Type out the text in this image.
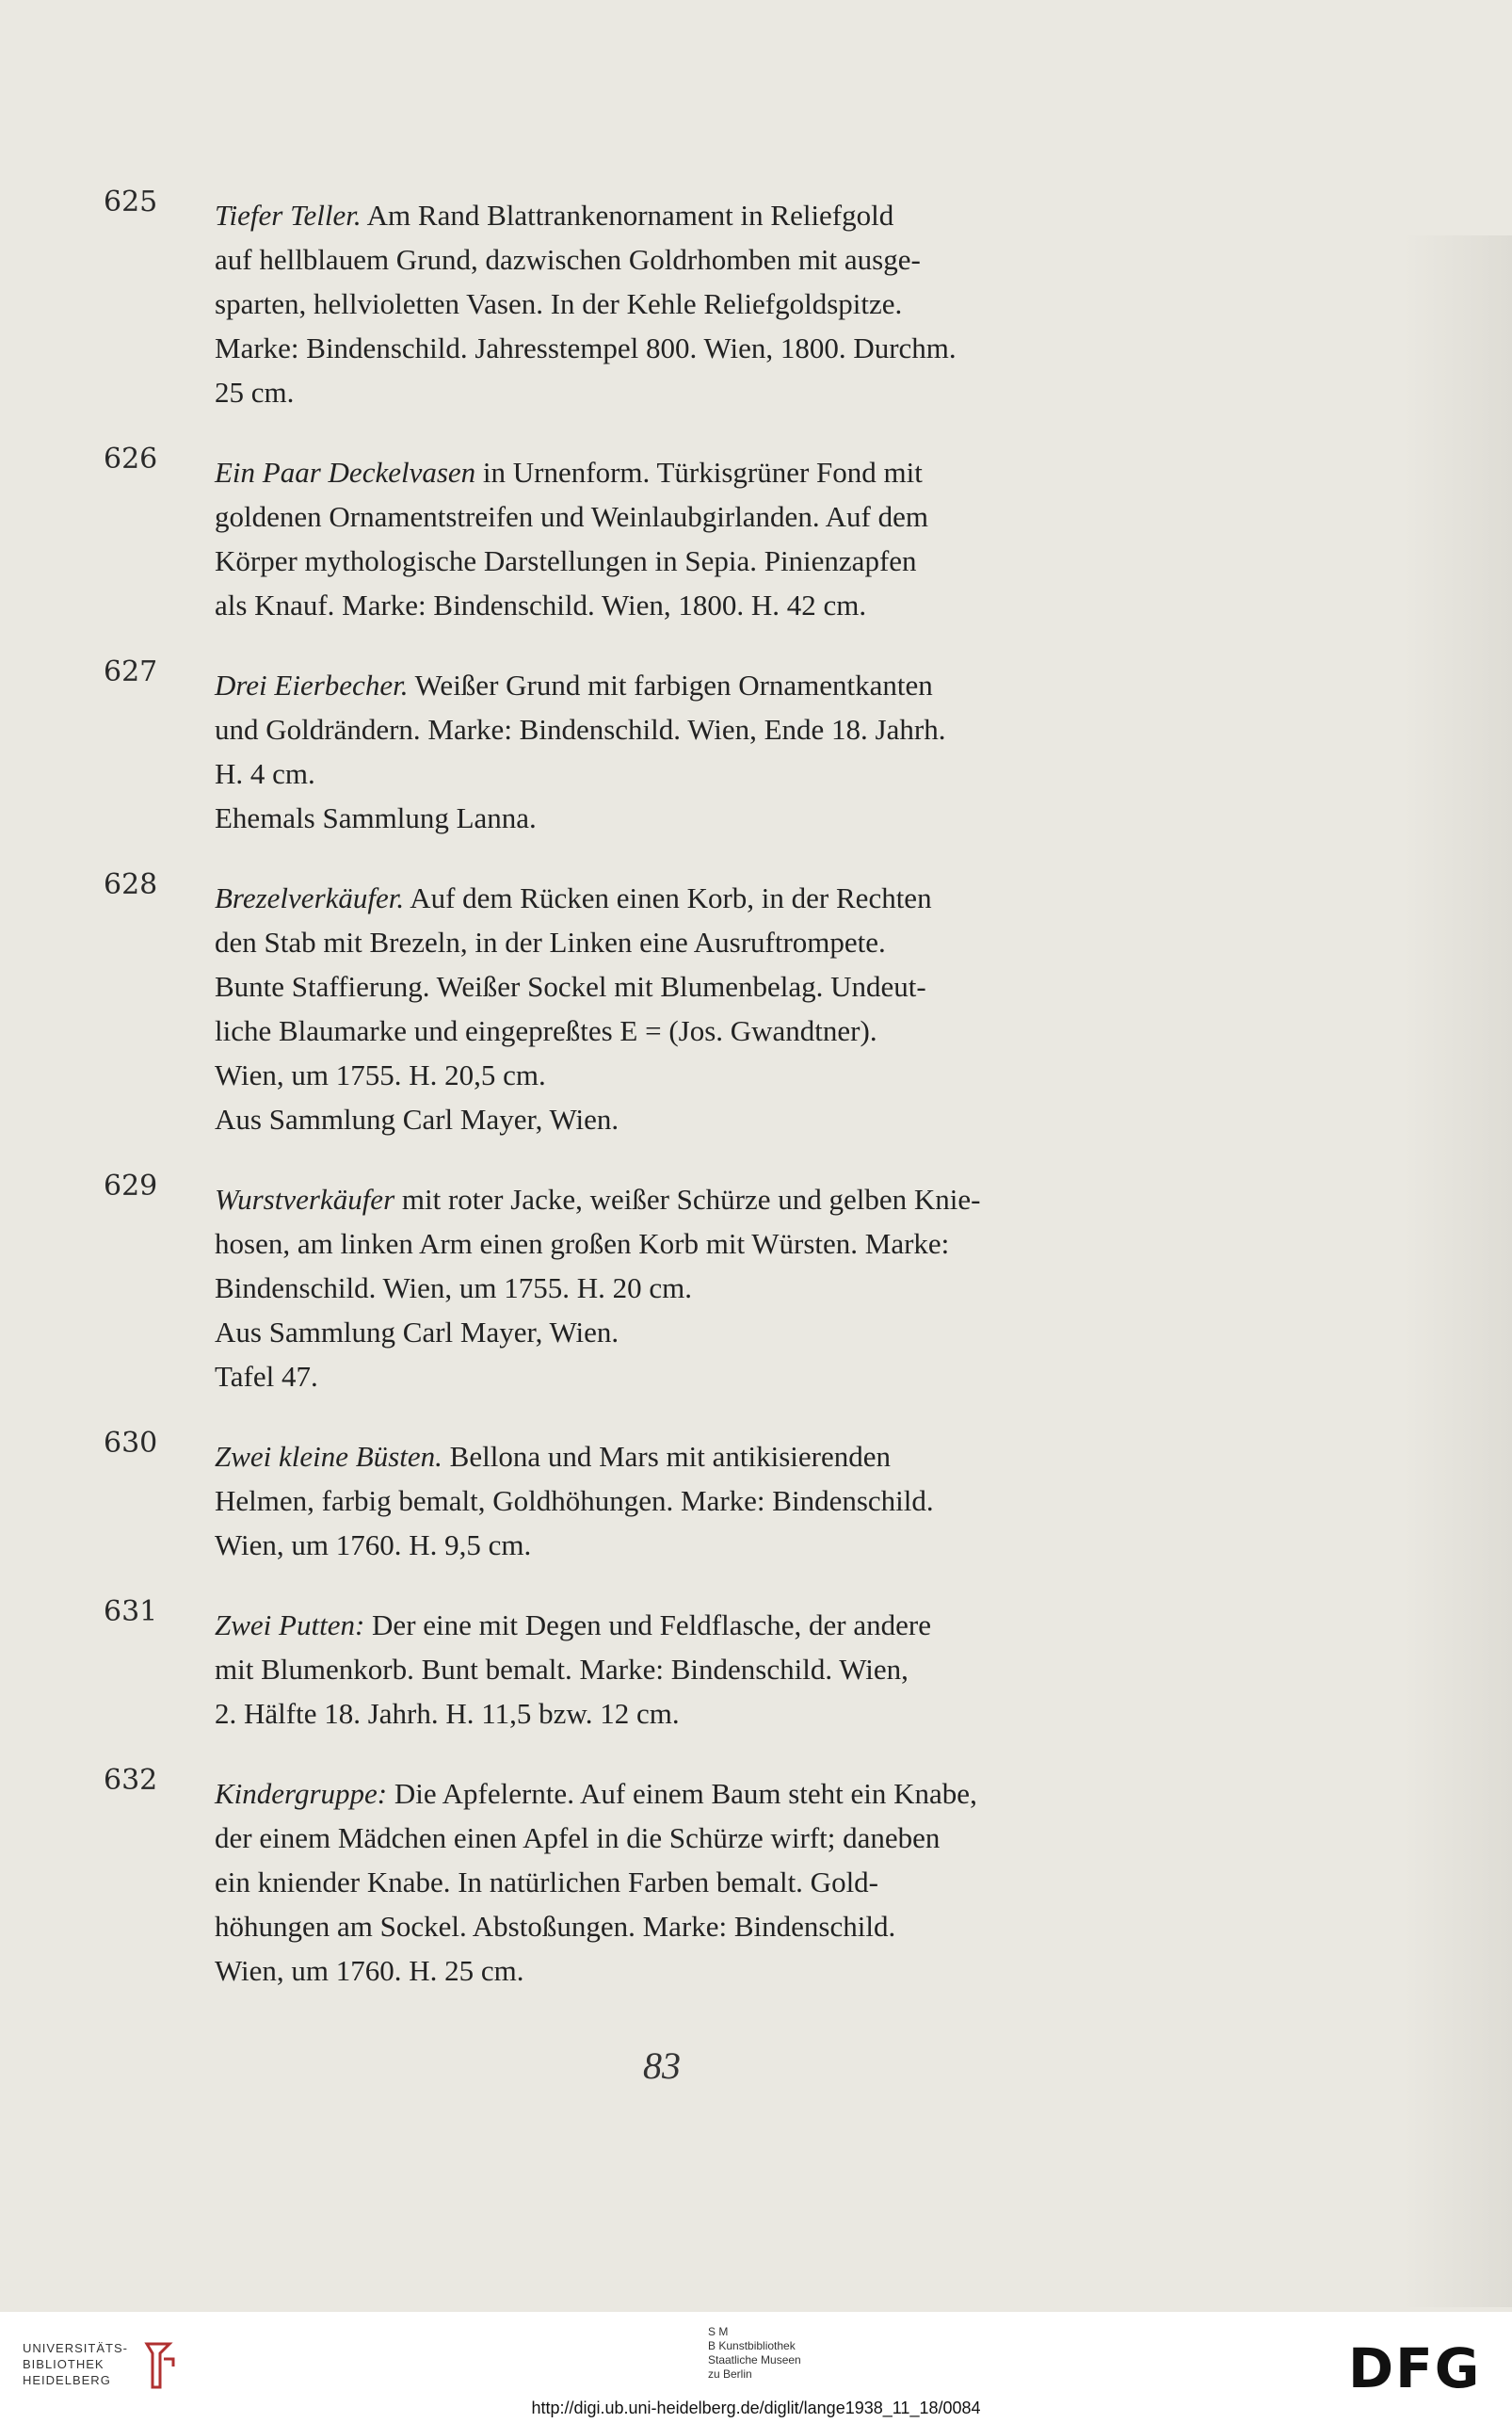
625 Tiefer Teller. Am Rand Blattrankenornament in Reliefgold
auf hellblauem Grund, dazwischen Goldrhomben mit ausge-
sparten, hellvioletten Vasen. In der Kehle Reliefgoldspitze.
Marke: Bindenschild. Jahresstempel 800. Wien, 1800. Durchm.
25 cm.
626 Ein Paar Deckelvasen in Urnenform. Türkisgrüner Fond mit
goldenen Ornamentstreifen und Weinlaubgirlanden. Auf dem
Körper mythologische Darstellungen in Sepia. Pinienzapfen
als Knauf. Marke: Bindenschild. Wien, 1800. H. 42 cm.
627 Drei Eierbecher. Weißer Grund mit farbigen Ornamentkanten
und Goldrändern. Marke: Bindenschild. Wien, Ende 18. Jahrh.
H. 4 cm.
Ehemals Sammlung Lanna.
628 Brezelverkäufer. Auf dem Rücken einen Korb, in der Rechten
den Stab mit Brezeln, in der Linken eine Ausruftrompete.
Bunte Staffierung. Weißer Sockel mit Blumenbelag. Undeut-
liche Blaumarke und eingepreßtes E = (Jos. Gwandtner).
Wien, um 1755. H. 20,5 cm.
Aus Sammlung Carl Mayer, Wien.
629 Wurstverkäufer mit roter Jacke, weißer Schürze und gelben Knie-
hosen, am linken Arm einen großen Korb mit Würsten. Marke:
Bindenschild. Wien, um 1755. H. 20 cm.
Aus Sammlung Carl Mayer, Wien.
Tafel 47.
630 Zwei kleine Büsten. Bellona und Mars mit antikisierenden
Helmen, farbig bemalt, Goldhöhungen. Marke: Bindenschild.
Wien, um 1760. H. 9,5 cm.
631 Zwei Putten: Der eine mit Degen und Feldflasche, der andere
mit Blumenkorb. Bunt bemalt. Marke: Bindenschild. Wien,
2. Hälfte 18. Jahrh. H. 11,5 bzw. 12 cm.
632 Kindergruppe: Die Apfelernte. Auf einem Baum steht ein Knabe,
der einem Mädchen einen Apfel in die Schürze wirft; daneben
ein kniender Knabe. In natürlichen Farben bemalt. Gold-
höhungen am Sockel. Abstoßungen. Marke: Bindenschild.
Wien, um 1760. H. 25 cm.
83
UNIVERSITÄTS-
BIBLIOTHEK
HEIDELBERG
S M
B Kunstbibliothek
Staatliche Museen
zu Berlin	DFG
http://digi.ub.uni-heidelberg.de/diglit/lange1938_11_18/0084
